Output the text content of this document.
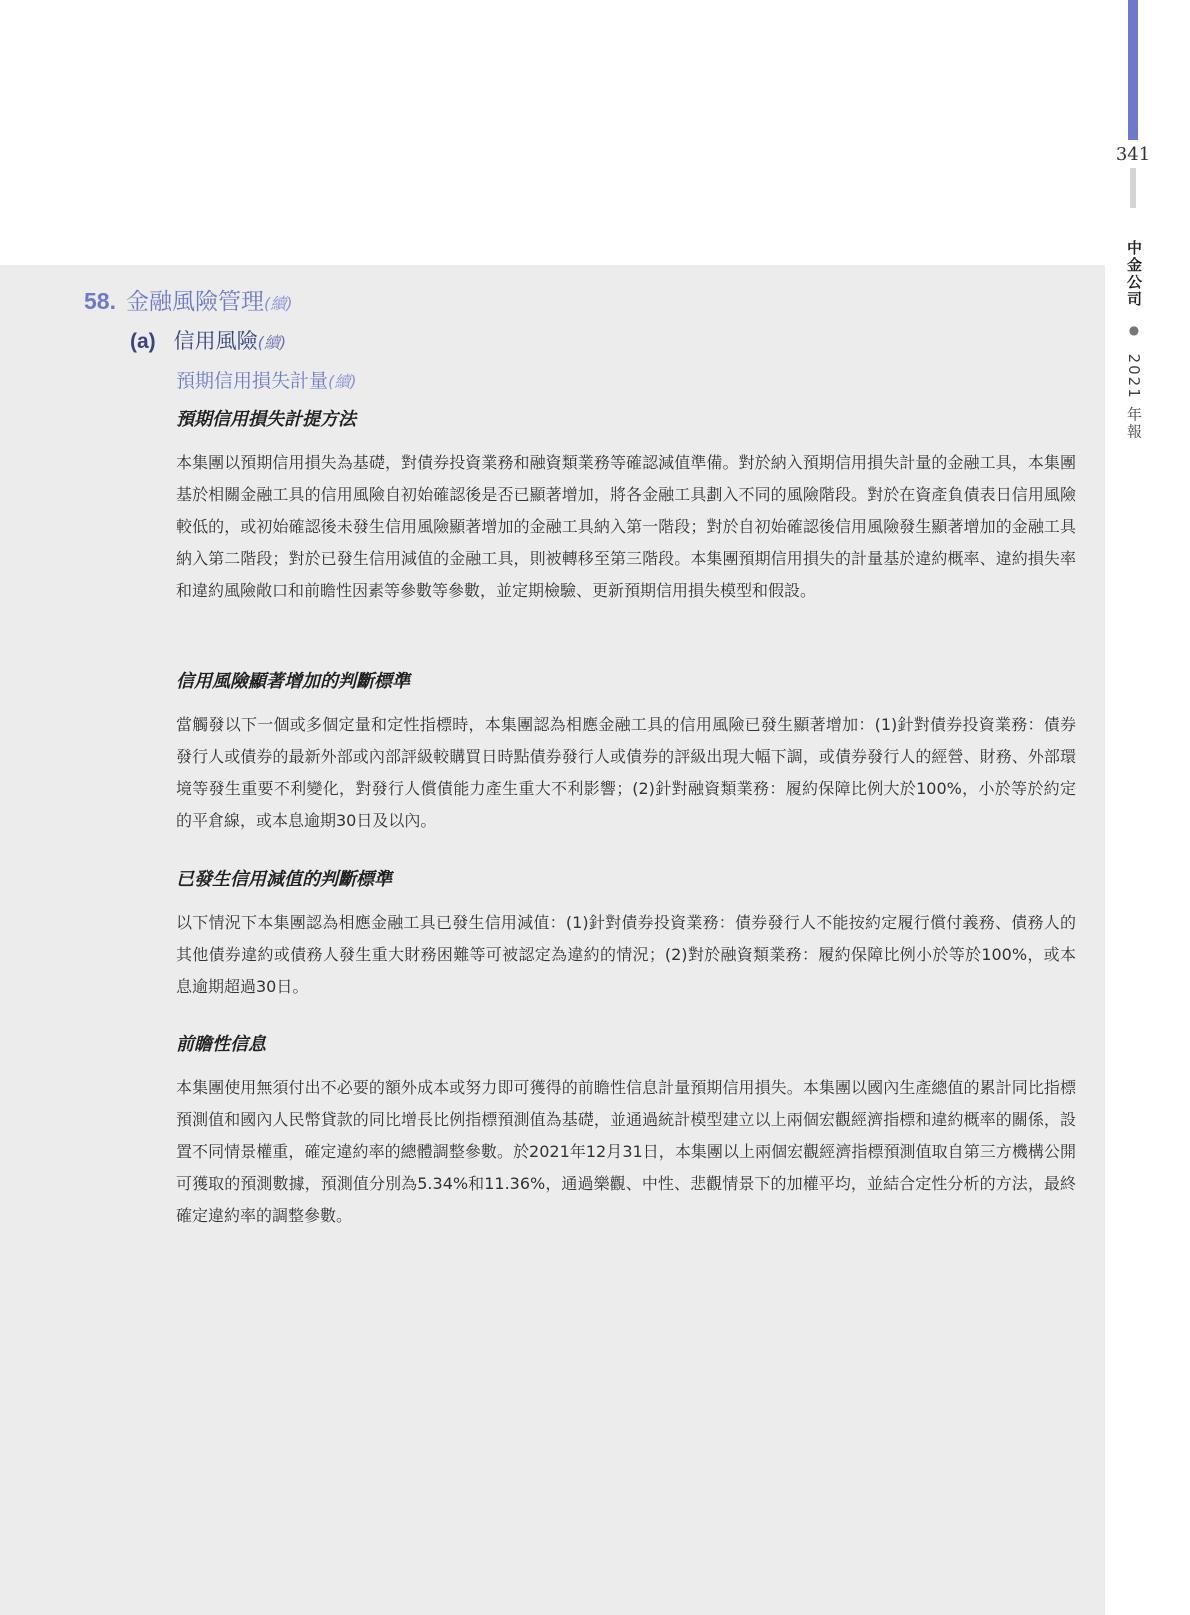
341
中金公司 ● 2021 年報
58. 金融風險管理(續)
(a) 信用風險(續)
預期信用損失計量(續)
預期信用損失計提方法

本集團以預期信用損失為基礎，對債券投資業務和融資類業務等確認減值準備。對於納入預期信用損失計量的金融工具，本集團基於相關金融工具的信用風險自初始確認後是否已顯著增加，將各金融工具劃入不同的風險階段。對於在資產負債表日信用風險較低的，或初始確認後未發生信用風險顯著增加的金融工具納入第一階段；對於自初始確認後信用風險發生顯著增加的金融工具納入第二階段；對於已發生信用減值的金融工具，則被轉移至第三階段。本集團預期信用損失的計量基於違約概率、違約損失率和違約風險敞口和前瞻性因素等參數等參數，並定期檢驗、更新預期信用損失模型和假設。

信用風險顯著增加的判斷標準

當觸發以下一個或多個定量和定性指標時，本集團認為相應金融工具的信用風險已發生顯著增加：(1)針對債券投資業務：債券發行人或債券的最新外部或內部評級較購買日時點債券發行人或債券的評級出現大幅下調，或債券發行人的經營、財務、外部環境等發生重要不利變化，對發行人償債能力產生重大不利影響；(2)針對融資類業務：履約保障比例大於100%，小於等於約定的平倉線，或本息逾期30日及以內。

已發生信用減值的判斷標準

以下情況下本集團認為相應金融工具已發生信用減值：(1)針對債券投資業務：債券發行人不能按約定履行償付義務、債務人的其他債券違約或債務人發生重大財務困難等可被認定為違約的情況；(2)對於融資類業務：履約保障比例小於等於100%，或本息逾期超過30日。

前瞻性信息

本集團使用無須付出不必要的額外成本或努力即可獲得的前瞻性信息計量預期信用損失。本集團以國內生產總值的累計同比指標預測值和國內人民幣貸款的同比增長比例指標預測值為基礎，並通過統計模型建立以上兩個宏觀經濟指標和違約概率的關係，設置不同情景權重，確定違約率的總體調整參數。於2021年12月31日，本集團以上兩個宏觀經濟指標預測值取自第三方機構公開可獲取的預測數據，預測值分別為5.34%和11.36%，通過樂觀、中性、悲觀情景下的加權平均，並結合定性分析的方法，最終確定違約率的調整參數。
